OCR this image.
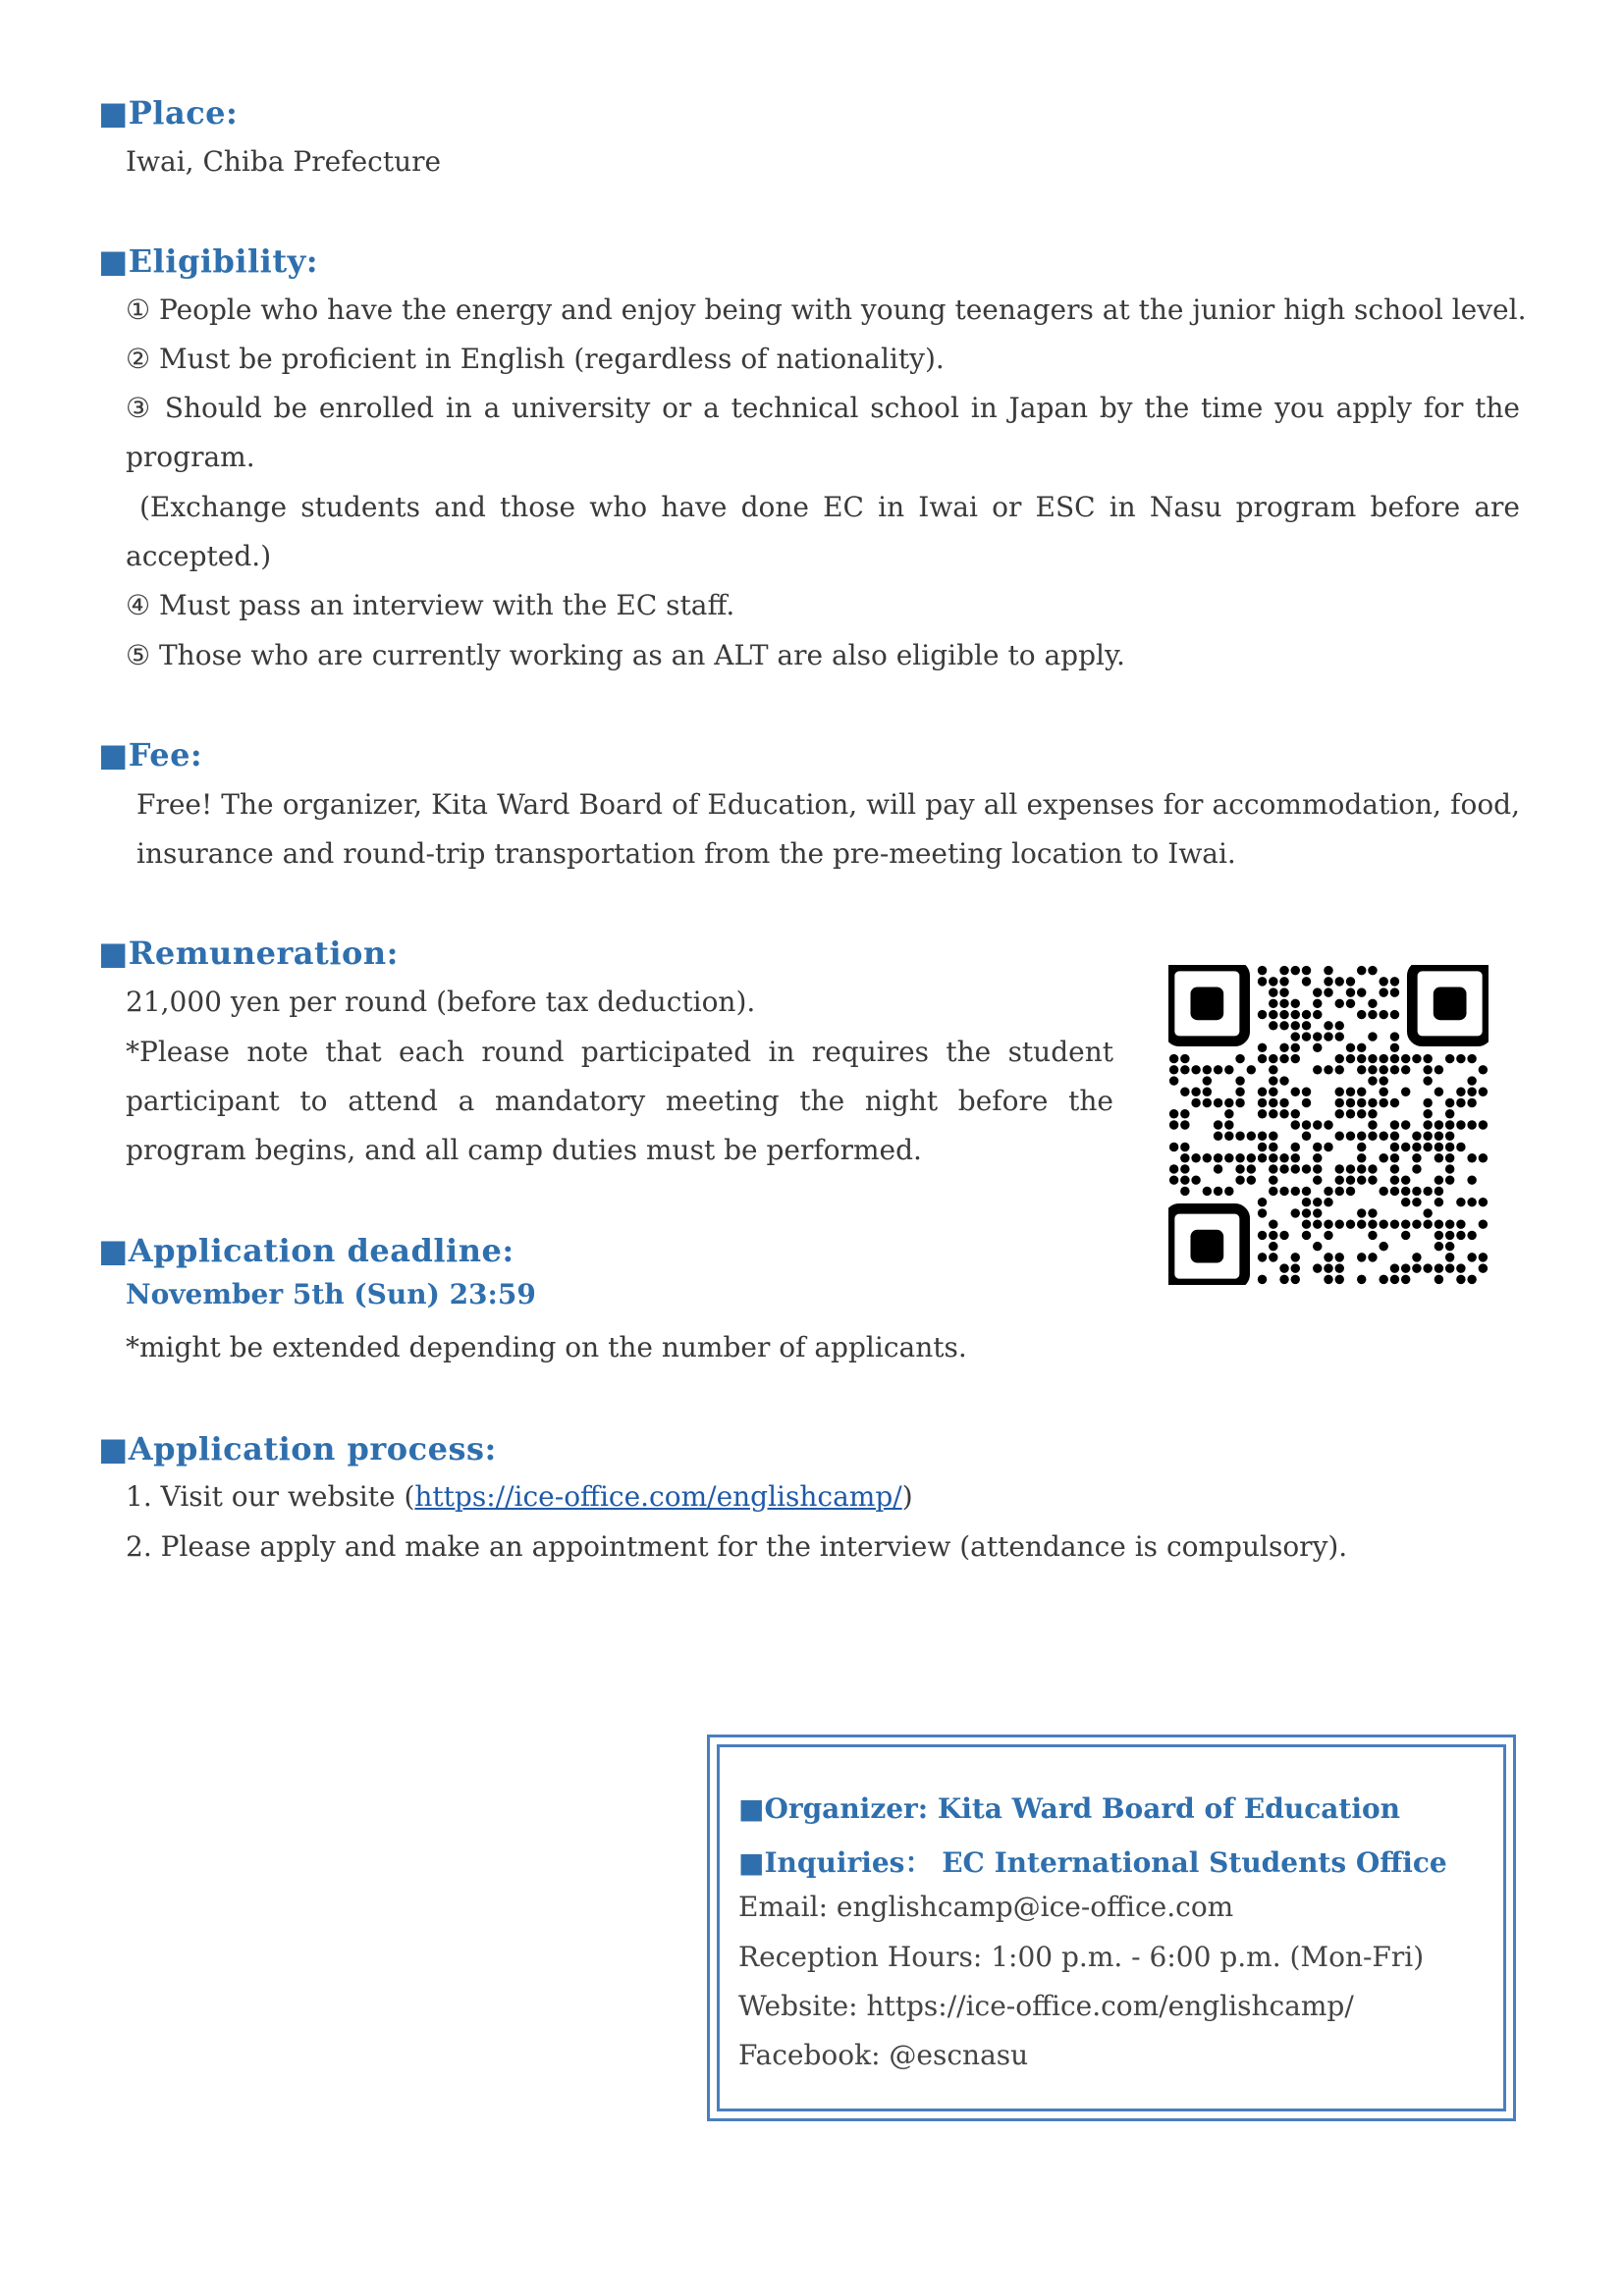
■Place:
Iwai, Chiba Prefecture
■Eligibility:
① People who have the energy and enjoy being with young teenagers at the junior high school level.
② Must be proficient in English (regardless of nationality).
③ Should be enrolled in a university or a technical school in Japan by the time you apply for the
program.
(Exchange students and those who have done EC in Iwai or ESC in Nasu program before are
accepted.)
④ Must pass an interview with the EC staff.
⑤ Those who are currently working as an ALT are also eligible to apply.
■Fee:
Free! The organizer, Kita Ward Board of Education, will pay all expenses for accommodation, food,
insurance and round-trip transportation from the pre-meeting location to Iwai.
■Remuneration:
21,000 yen per round (before tax deduction).
*Please note that each round participated in requires the student
participant to attend a mandatory meeting the night before the
program begins, and all camp duties must be performed.
■Application deadline:
November 5th (Sun) 23:59
*might be extended depending on the number of applicants.
■Application process:
1. Visit our website (https://ice-office.com/englishcamp/)
2. Please apply and make an appointment for the interview (attendance is compulsory).
■Organizer: Kita Ward Board of Education
■Inquiries： EC International Students Office
Email: englishcamp@ice-office.com
Reception Hours: 1:00 p.m. - 6:00 p.m. (Mon-Fri)
Website: https://ice-office.com/englishcamp/
Facebook: @escnasu
